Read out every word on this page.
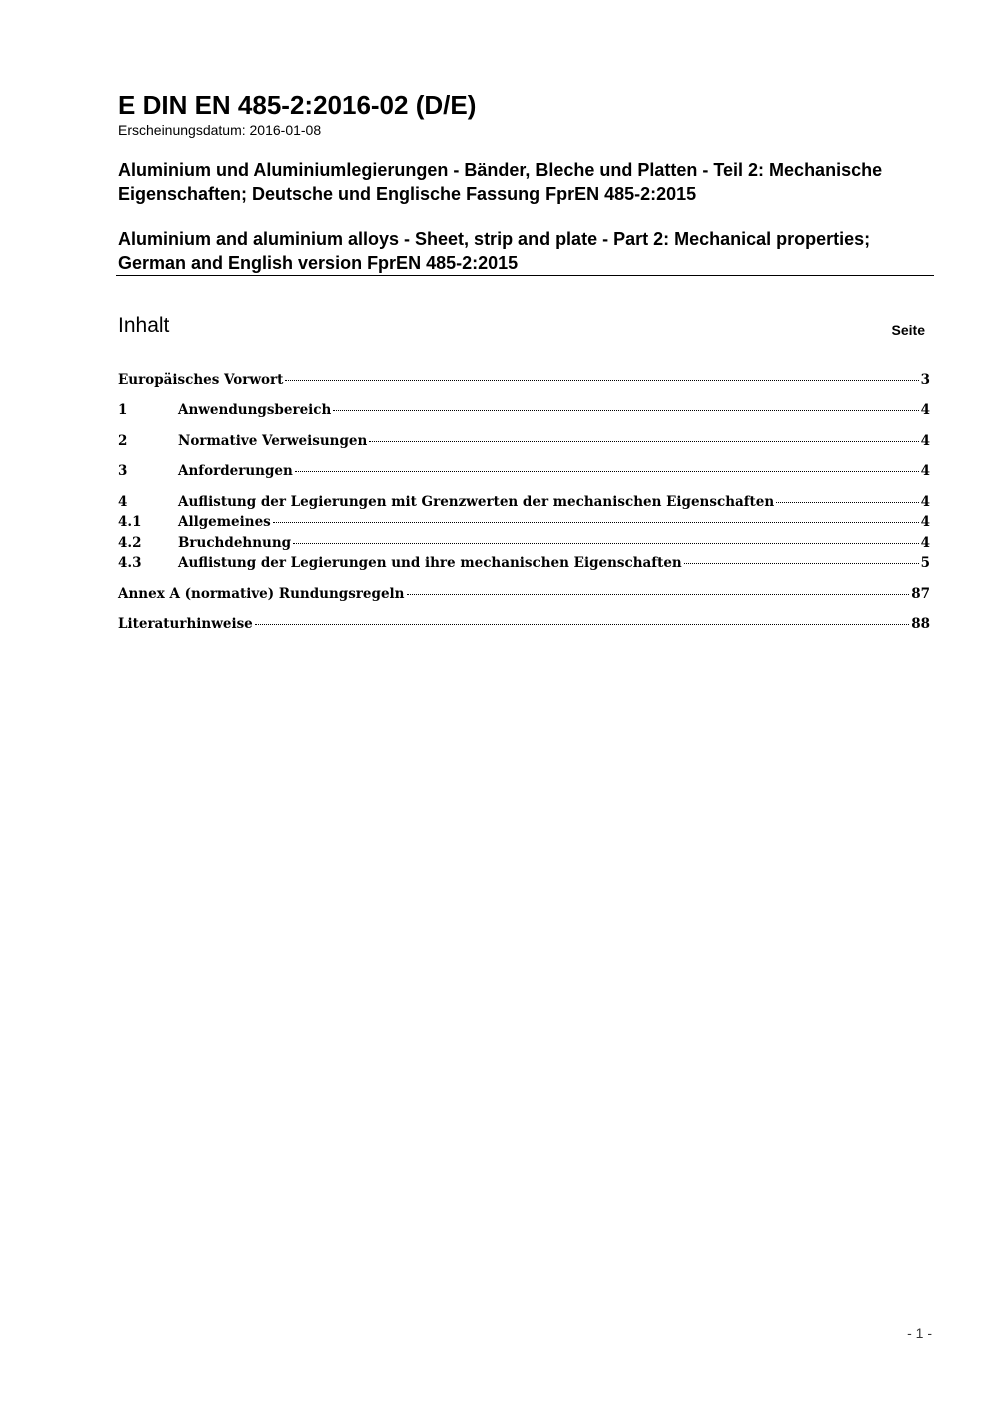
E DIN EN 485-2:2016-02 (D/E)
Erscheinungsdatum: 2016-01-08
Aluminium und Aluminiumlegierungen - Bänder, Bleche und Platten - Teil 2: Mechanische Eigenschaften; Deutsche und Englische Fassung FprEN 485-2:2015
Aluminium and aluminium alloys - Sheet, strip and plate - Part 2: Mechanical properties; German and English version FprEN 485-2:2015
Inhalt	Seite
Europäisches Vorwort	3
1	Anwendungsbereich	4
2	Normative Verweisungen	4
3	Anforderungen	4
4	Auflistung der Legierungen mit Grenzwerten der mechanischen Eigenschaften	4
4.1	Allgemeines	4
4.2	Bruchdehnung	4
4.3	Auflistung der Legierungen und ihre mechanischen Eigenschaften	5
Annex A (normative) Rundungsregeln	87
Literaturhinweise	88
- 1 -
